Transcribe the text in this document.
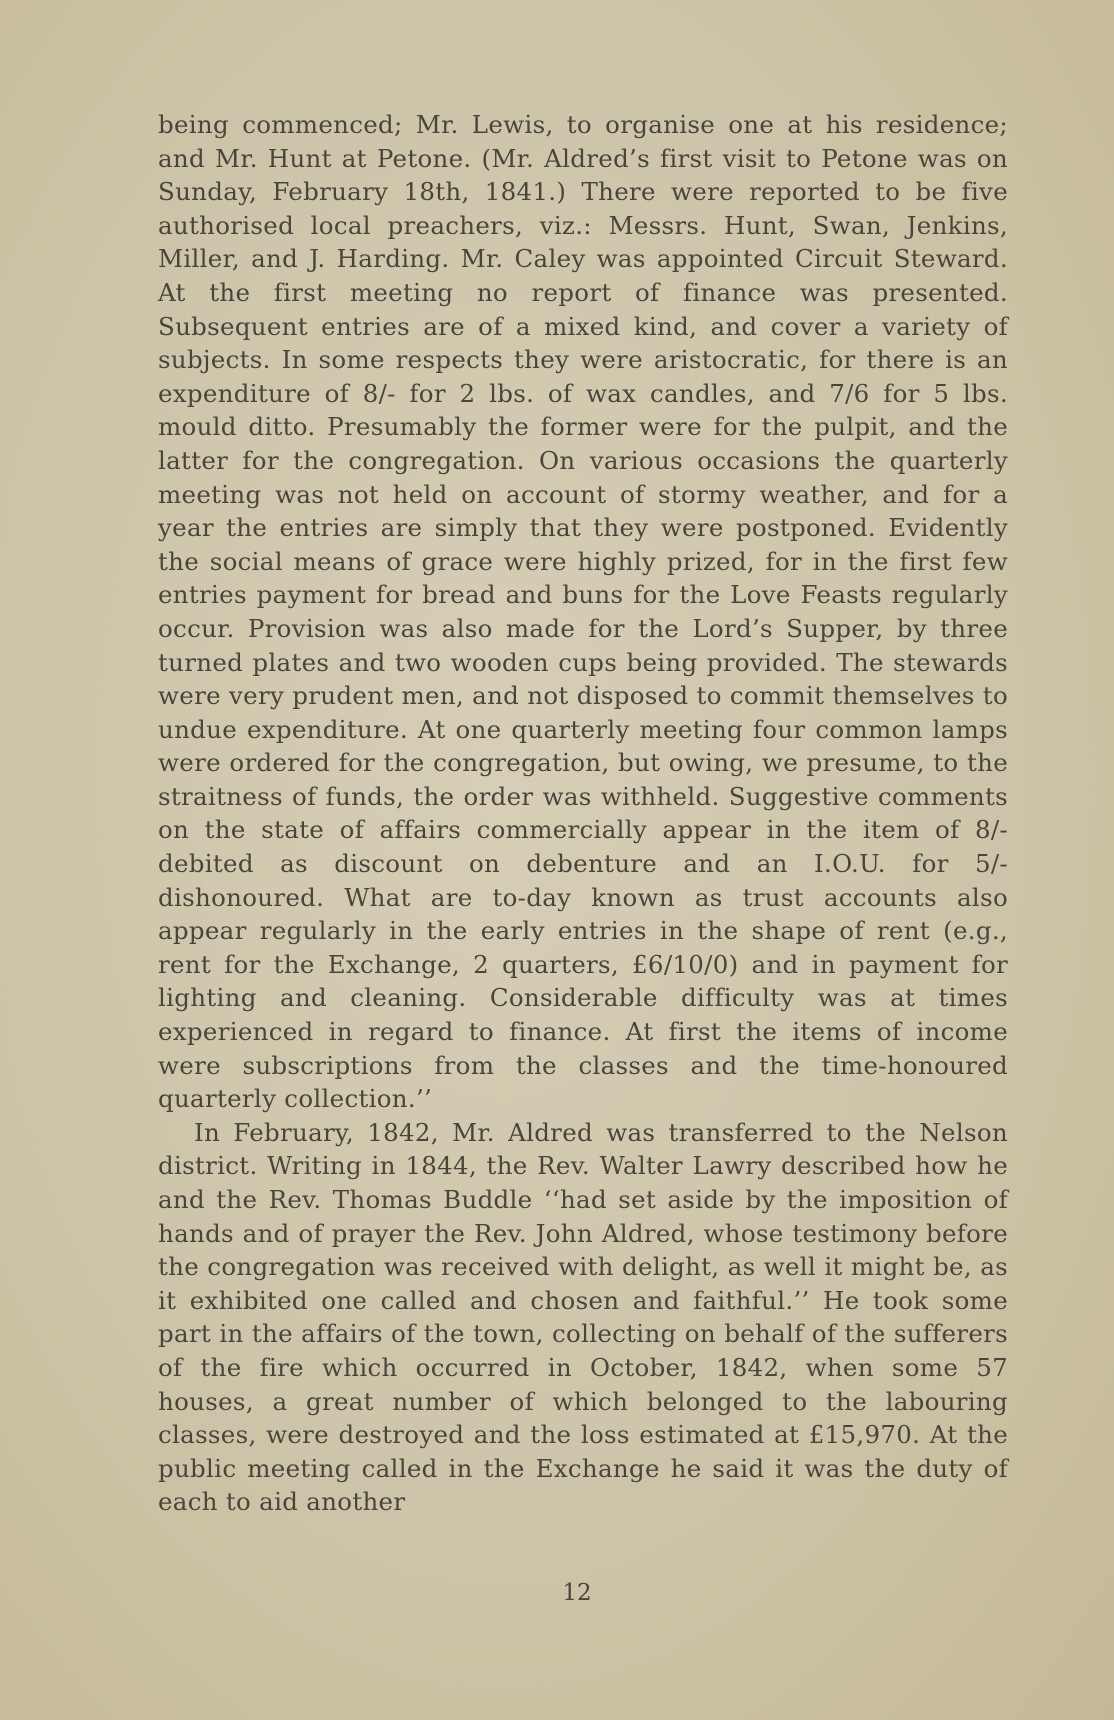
being commenced; Mr. Lewis, to organise one at his residence; and Mr. Hunt at Petone. (Mr. Aldred’s first visit to Petone was on Sunday, February 18th, 1841.) There were reported to be five authorised local preachers, viz.: Messrs. Hunt, Swan, Jenkins, Miller, and J. Harding. Mr. Caley was appointed Circuit Steward. At the first meeting no report of finance was presented. Subsequent entries are of a mixed kind, and cover a variety of subjects. In some respects they were aristocratic, for there is an expenditure of 8/- for 2 lbs. of wax candles, and 7/6 for 5 lbs. mould ditto. Presumably the former were for the pulpit, and the latter for the congregation. On various occasions the quarterly meeting was not held on account of stormy weather, and for a year the entries are simply that they were postponed. Evidently the social means of grace were highly prized, for in the first few entries payment for bread and buns for the Love Feasts regularly occur. Provision was also made for the Lord’s Supper, by three turned plates and two wooden cups being provided. The stewards were very prudent men, and not disposed to commit themselves to undue expenditure. At one quarterly meeting four common lamps were ordered for the congregation, but owing, we presume, to the straitness of funds, the order was withheld. Suggestive comments on the state of affairs commercially appear in the item of 8/- debited as discount on debenture and an I.O.U. for 5/- dishonoured. What are to-day known as trust accounts also appear regularly in the early entries in the shape of rent (e.g., rent for the Exchange, 2 quarters, £6/10/0) and in payment for lighting and cleaning. Considerable difficulty was at times experienced in regard to finance. At first the items of income were subscriptions from the classes and the time-honoured quarterly collection.’’

In February, 1842, Mr. Aldred was transferred to the Nelson district. Writing in 1844, the Rev. Walter Lawry described how he and the Rev. Thomas Buddle ‘‘had set aside by the imposition of hands and of prayer the Rev. John Aldred, whose testimony before the congregation was received with delight, as well it might be, as it exhibited one called and chosen and faithful.’’ He took some part in the affairs of the town, collecting on behalf of the sufferers of the fire which occurred in October, 1842, when some 57 houses, a great number of which belonged to the labouring classes, were destroyed and the loss estimated at £15,970. At the public meeting called in the Exchange he said it was the duty of each to aid another

12
